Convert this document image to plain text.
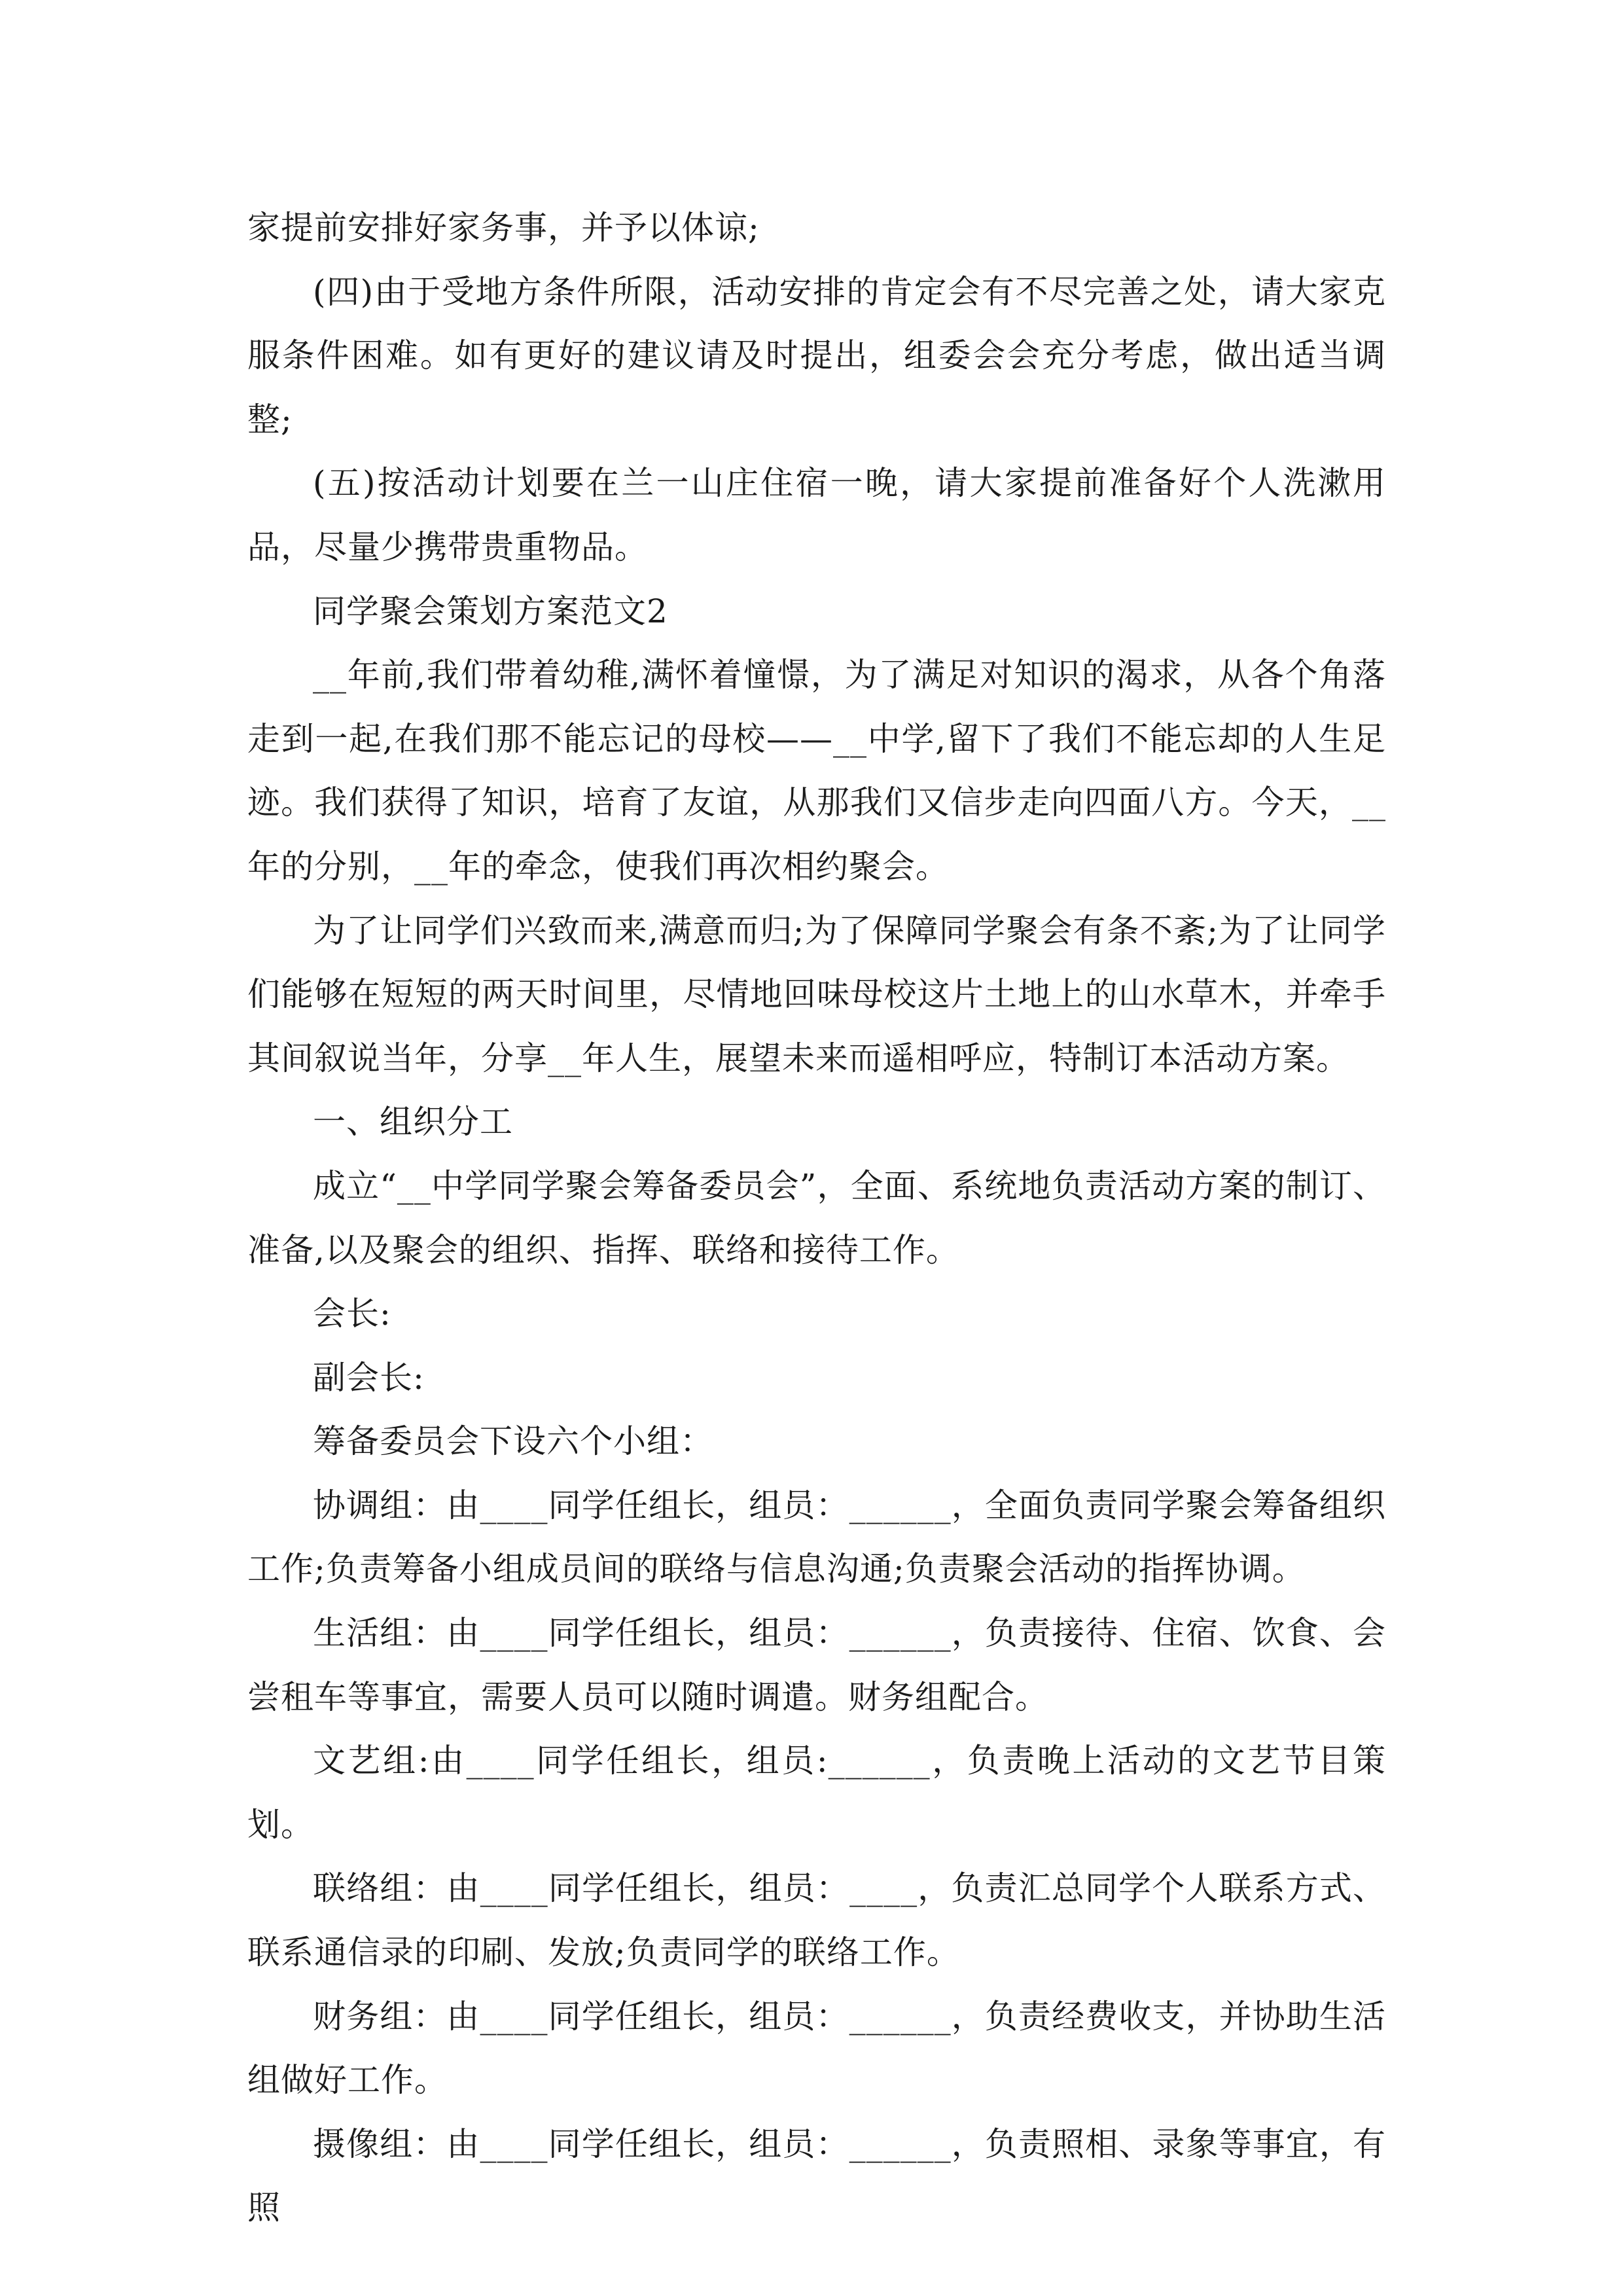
家提前安排好家务事，并予以体谅;

(四)由于受地方条件所限，活动安排的肯定会有不尽完善之处，请大家克服条件困难。如有更好的建议请及时提出，组委会会充分考虑，做出适当调整;

(五)按活动计划要在兰一山庄住宿一晚，请大家提前准备好个人洗漱用品，尽量少携带贵重物品。

同学聚会策划方案范文2

__年前,我们带着幼稚,满怀着憧憬，为了满足对知识的渴求，从各个角落走到一起,在我们那不能忘记的母校——__中学,留下了我们不能忘却的人生足迹。我们获得了知识，培育了友谊，从那我们又信步走向四面八方。今天，__年的分别，__年的牵念，使我们再次相约聚会。

为了让同学们兴致而来,满意而归;为了保障同学聚会有条不紊;为了让同学们能够在短短的两天时间里，尽情地回味母校这片土地上的山水草木，并牵手其间叙说当年，分享__年人生，展望未来而遥相呼应，特制订本活动方案。

一、组织分工

成立“__中学同学聚会筹备委员会”，全面、系统地负责活动方案的制订、准备,以及聚会的组织、指挥、联络和接待工作。

会长:

副会长:

筹备委员会下设六个小组：

协调组：由____同学任组长，组员：______，全面负责同学聚会筹备组织工作;负责筹备小组成员间的联络与信息沟通;负责聚会活动的指挥协调。

生活组：由____同学任组长，组员：______，负责接待、住宿、饮食、会尝租车等事宜，需要人员可以随时调遣。财务组配合。

文艺组:由____同学任组长，组员:______，负责晚上活动的文艺节目策划。

联络组：由____同学任组长，组员：____，负责汇总同学个人联系方式、联系通信录的印刷、发放;负责同学的联络工作。

财务组：由____同学任组长，组员：______，负责经费收支，并协助生活组做好工作。

摄像组：由____同学任组长，组员：______，负责照相、录象等事宜，有照
